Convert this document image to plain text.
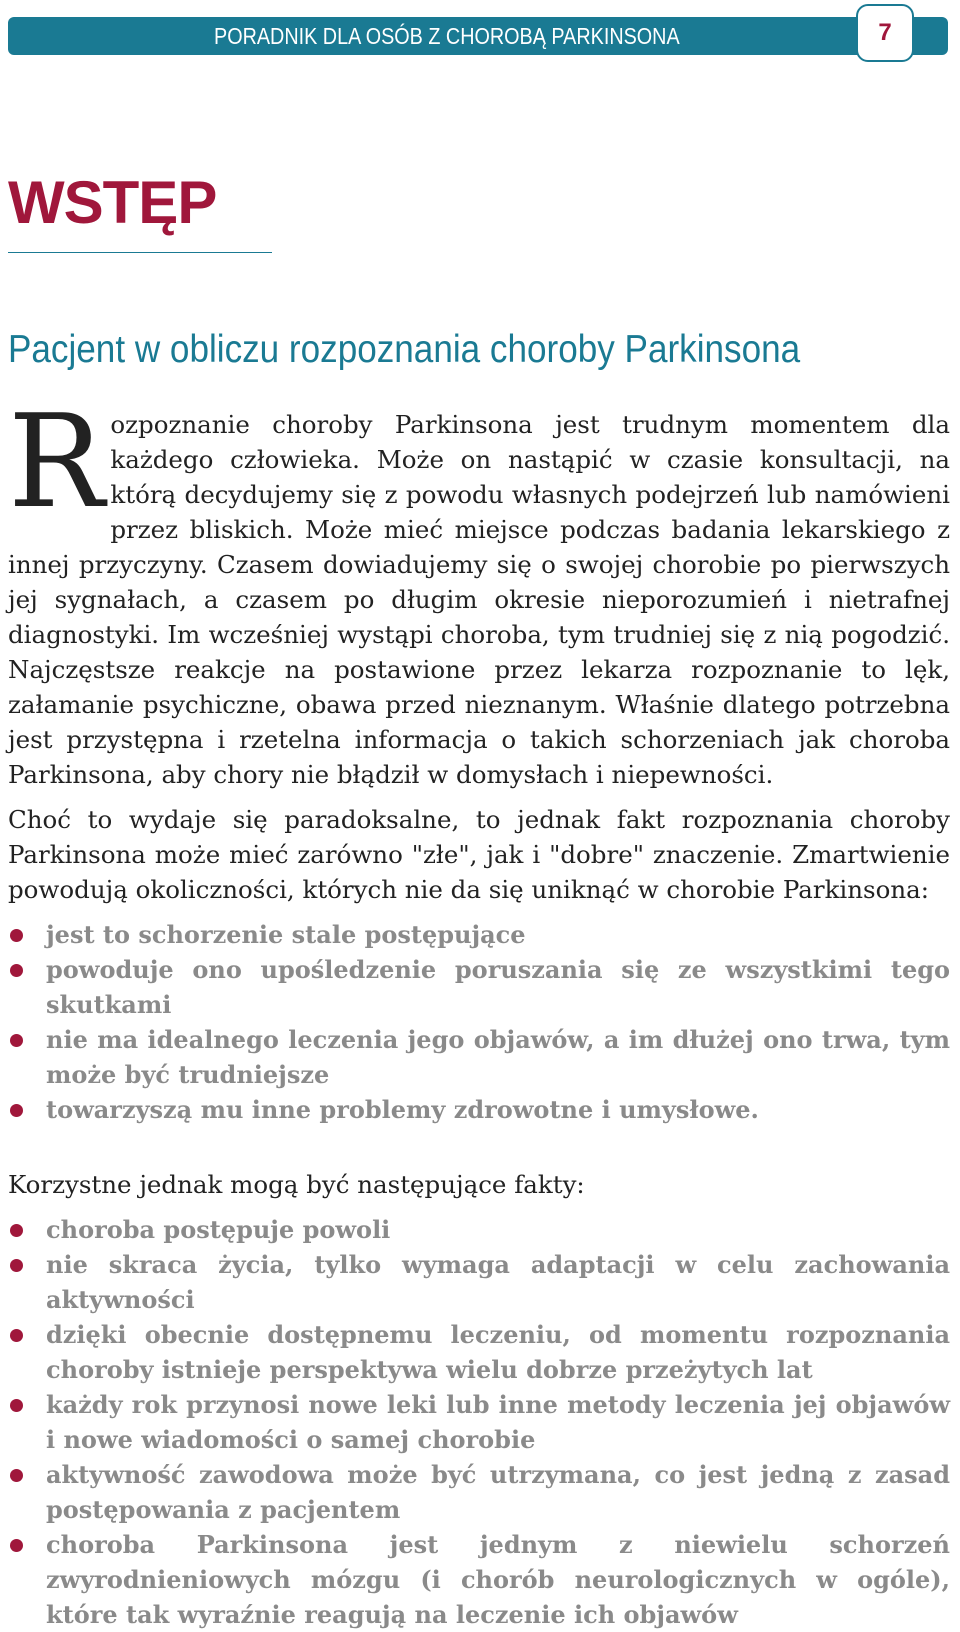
PORADNIK DLA OSÓB Z CHOROBĄ PARKINSONA	7
WSTĘP
Pacjent w obliczu rozpoznania choroby Parkinsona

Rozpoznanie choroby Parkinsona jest trudnym momentem dla każdego człowieka. Może on nastąpić w czasie konsultacji, na którą decydujemy się z powodu własnych podejrzeń lub namówieni przez bliskich. Może mieć miejsce podczas badania lekarskiego z innej przyczyny. Czasem dowiadujemy się o swojej chorobie po pierwszych jej sygnałach, a czasem po długim okresie nieporozumień i nietrafnej diagnostyki. Im wcześniej wystąpi choroba, tym trudniej się z nią pogodzić. Najczęstsze reakcje na postawione przez lekarza rozpoznanie to lęk, załamanie psychiczne, obawa przed nieznanym. Właśnie dlatego potrzebna jest przystępna i rzetelna informacja o takich schorzeniach jak choroba Parkinsona, aby chory nie błądził w domysłach i niepewności.

Choć to wydaje się paradoksalne, to jednak fakt rozpoznania choroby Parkinsona może mieć zarówno "złe", jak i "dobre" znaczenie. Zmartwienie powodują okoliczności, których nie da się uniknąć w chorobie Parkinsona:

jest to schorzenie stale postępujące
powoduje ono upośledzenie poruszania się ze wszystkimi tego skutkami
nie ma idealnego leczenia jego objawów, a im dłużej ono trwa, tym może być trudniejsze
towarzyszą mu inne problemy zdrowotne i umysłowe.

Korzystne jednak mogą być następujące fakty:

choroba postępuje powoli
nie skraca życia, tylko wymaga adaptacji w celu zachowania aktywności
dzięki obecnie dostępnemu leczeniu, od momentu rozpoznania choroby istnieje perspektywa wielu dobrze przeżytych lat
każdy rok przynosi nowe leki lub inne metody leczenia jej objawów i nowe wiadomości o samej chorobie
aktywność zawodowa może być utrzymana, co jest jedną z zasad postępowania z pacjentem
choroba Parkinsona jest jednym z niewielu schorzeń zwyrodnieniowych mózgu (i chorób neurologicznych w ogóle), które tak wyraźnie reagują na leczenie ich objawów
